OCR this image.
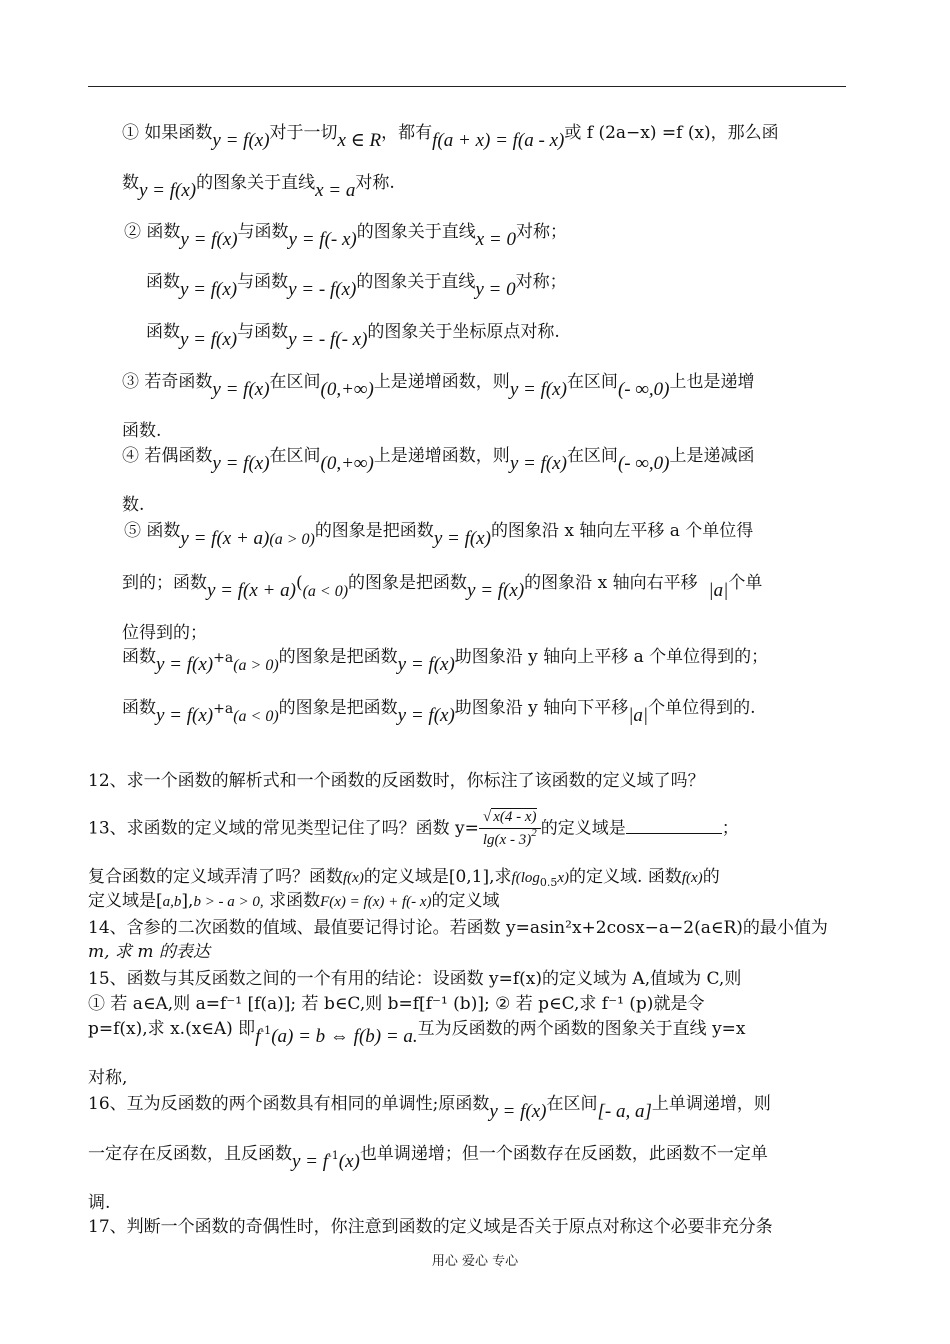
① 如果函数y = f(x)对于一切x ∈ R，都有f(a + x) = f(a - x)或 f (2a−x) =f (x)，那么函
数y = f(x)的图象关于直线x = a对称.
② 函数y = f(x)与函数y = f(- x)的图象关于直线x = 0对称；
函数y = f(x)与函数y = - f(x)的图象关于直线y = 0对称；
函数y = f(x)与函数y = - f(- x)的图象关于坐标原点对称.
③ 若奇函数y = f(x)在区间(0,+∞)上是递增函数，则y = f(x)在区间(- ∞,0)上也是递增
函数.
④ 若偶函数y = f(x)在区间(0,+∞)上是递增函数，则y = f(x)在区间(- ∞,0)上是递减函
数.
⑤ 函数y = f(x + a)(a > 0)的图象是把函数y = f(x)的图象沿 x 轴向左平移 a 个单位得
到的；函数y = f(x + a)((a < 0)的图象是把函数y = f(x)的图象沿 x 轴向右平移 |a|个单
位得到的；
函数y = f(x)+a(a > 0)的图象是把函数y = f(x)助图象沿 y 轴向上平移 a 个单位得到的；
函数y = f(x)+a(a < 0)的图象是把函数y = f(x)助图象沿 y 轴向下平移|a|个单位得到的.
12、求一个函数的解析式和一个函数的反函数时，你标注了该函数的定义域了吗？
13、求函数的定义域的常见类型记住了吗？函数 $y= \frac{√ x(4 - x)}{\lg(x - 3)^2}$ 的定义域是	；
复合函数的定义域弄清了吗？函数f(x)的定义域是[0,1],求$f(\log_{0.5}x)$的定义域. 函数f(x)的
定义域是[a,b],b > - a > 0, 求函数F(x) = f(x) + f(- x)的定义域
14、含参的二次函数的值域、最值要记得讨论。若函数 y=asin²x+2cosx−a−2(a∈R)的最小值为
m, 求 m 的表达
15、函数与其反函数之间的一个有用的结论：设函数 y=f(x)的定义域为 A,值域为 C,则
① 若 a∈A,则 a=f⁻¹ [f(a)]; 若 b∈C,则 b=f[f⁻¹ (b)]; ② 若 p∈C,求 f⁻¹ (p)就是令
p=f(x),求 x.(x∈A) 即f-1(a) = b ⇔ f(b) = a.互为反函数的两个函数的图象关于直线 y=x
对称,
16、互为反函数的两个函数具有相同的单调性;原函数y = f(x)在区间[- a, a]上单调递增，则
一定存在反函数，且反函数y = f-1(x)也单调递增；但一个函数存在反函数，此函数不一定单
调.
17、判断一个函数的奇偶性时，你注意到函数的定义域是否关于原点对称这个必要非充分条
用心 爱心 专心
